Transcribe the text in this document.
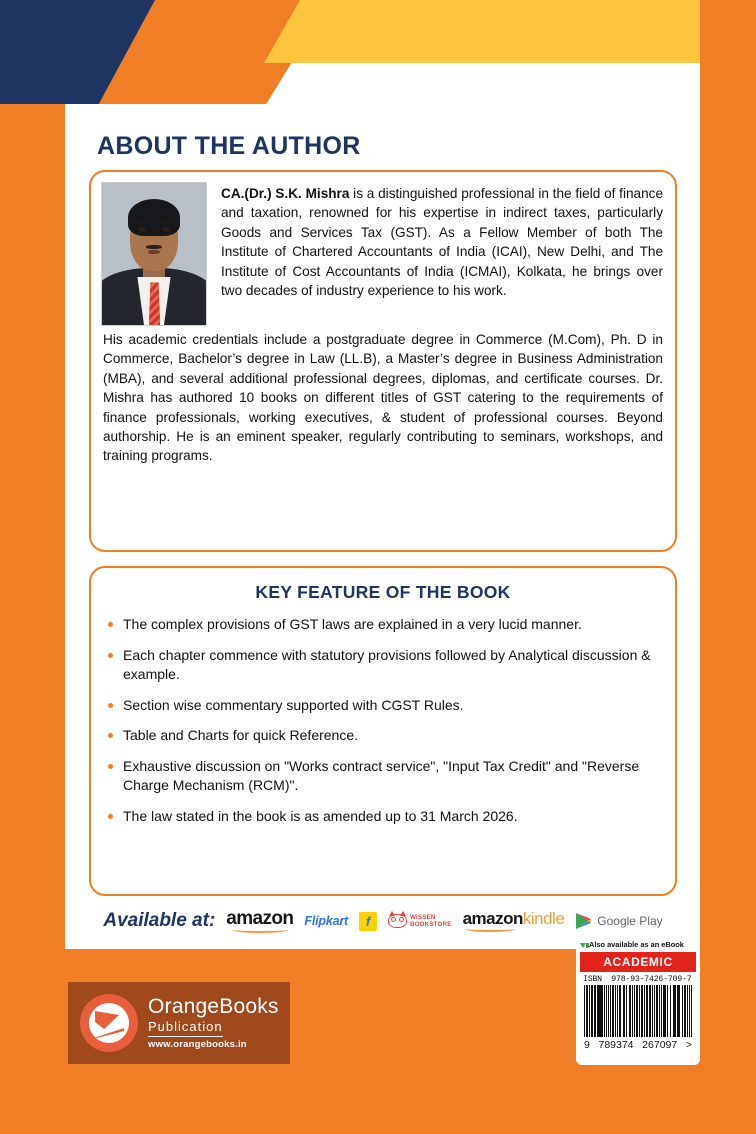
ABOUT THE AUTHOR

CA.(Dr.) S.K. Mishra is a distinguished professional in the field of finance and taxation, renowned for his expertise in indirect taxes, particularly Goods and Services Tax (GST). As a Fellow Member of both The Institute of Chartered Accountants of India (ICAI), New Delhi, and The Institute of Cost Accountants of India (ICMAI), Kolkata, he brings over two decades of industry experience to his work.

His academic credentials include a postgraduate degree in Commerce (M.Com), Ph. D in Commerce, Bachelor’s degree in Law (LL.B), a Master’s degree in Business Administration (MBA), and several additional professional degrees, diplomas, and certificate courses. Dr. Mishra has authored 10 books on different titles of GST catering to the requirements of finance professionals, working executives, & student of professional courses. Beyond authorship. He is an eminent speaker, regularly contributing to seminars, workshops, and training programs.

KEY FEATURE OF THE BOOK
The complex provisions of GST laws are explained in a very lucid manner.
Each chapter commence with statutory provisions followed by Analytical discussion & example.
Section wise commentary supported with CGST Rules.
Table and Charts for quick Reference.
Exhaustive discussion on "Works contract service", "Input Tax Credit" and "Reverse Charge Mechanism (RCM)".
The law stated in the book is as amended up to 31 March 2026.
Available at: amazon Flipkart	f	WISSEN
BOOKSTORE amazonkindle	Google Play
OrangeBooks
Publication
www.orangebooks.in
Also available as an eBook
ACADEMIC
ISBN 978-93-7426-709-7
9 789374 267097 >
